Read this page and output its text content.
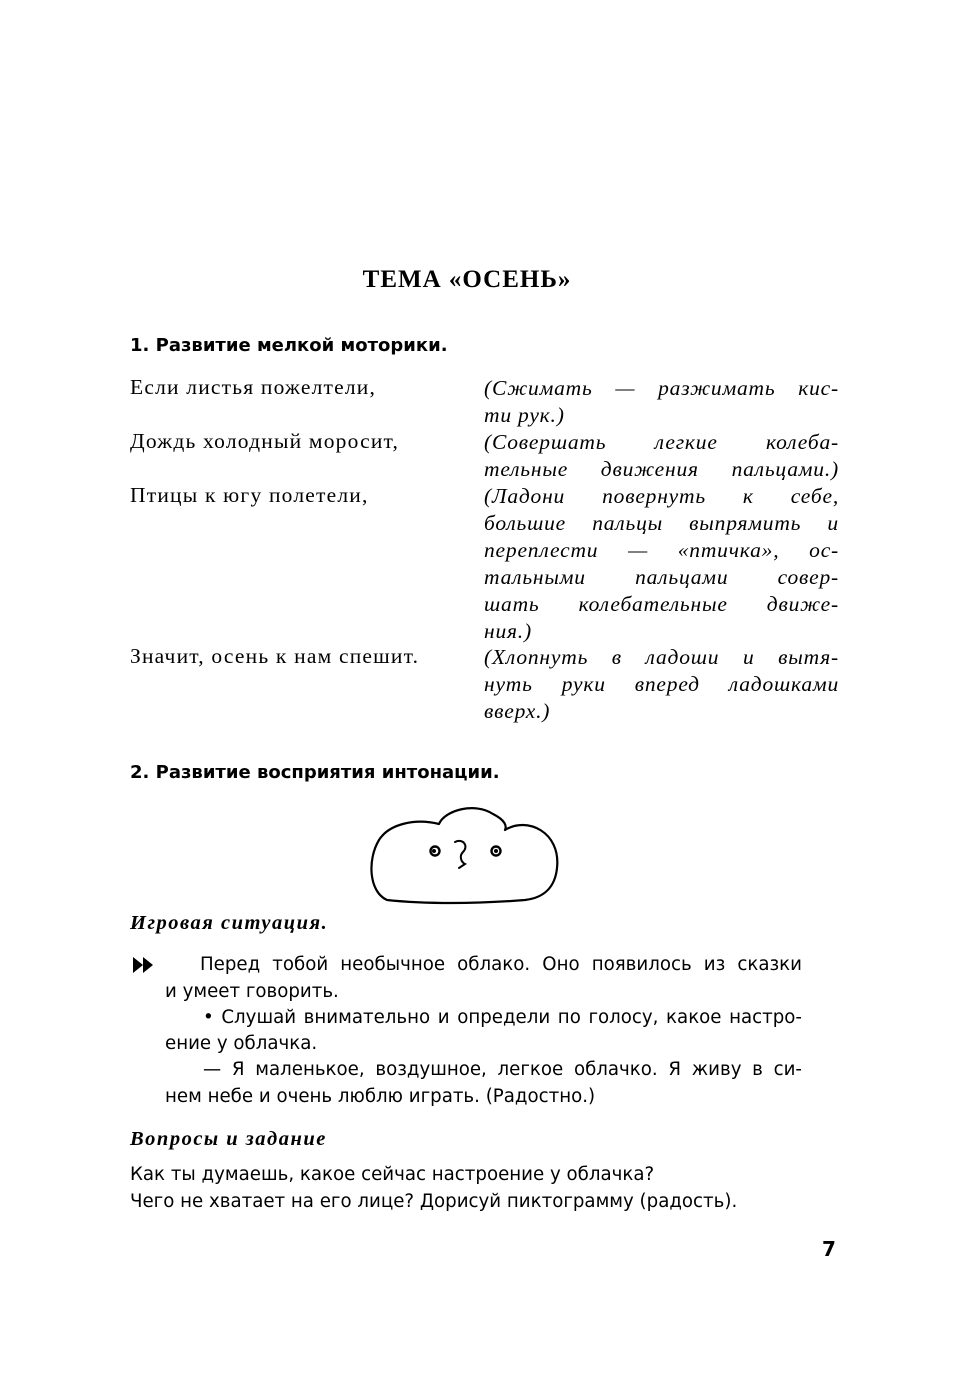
ТЕМА «ОСЕНЬ»
1. Развитие мелкой моторики.
Если листья пожелтели,	(Сжимать — разжимать кис-
ти рук.)
Дождь холодный моросит,	(Совершать легкие колеба-
тельные движения пальцами.)
Птицы к югу полетели,	(Ладони повернуть к себе,
большие пальцы выпрямить и
переплести — «птичка», ос-
тальными пальцами совер-
шать колебательные движе-
ния.)
Значит, осень к нам спешит.	(Хлопнуть в ладоши и вытя-
нуть руки вперед ладошками
вверх.)
2. Развитие восприятия интонации.
Игровая ситуация.
Перед тобой необычное облако. Оно появилось из сказки
и умеет говорить.
• Слушай внимательно и определи по голосу, какое настро-
ение у облачка.
— Я маленькое, воздушное, легкое облачко. Я живу в си-
нем небе и очень люблю играть. (Радостно.)
Вопросы и задание
Как ты думаешь, какое сейчас настроение у облачка?
Чего не хватает на его лице? Дорисуй пиктограмму (радость).
7
